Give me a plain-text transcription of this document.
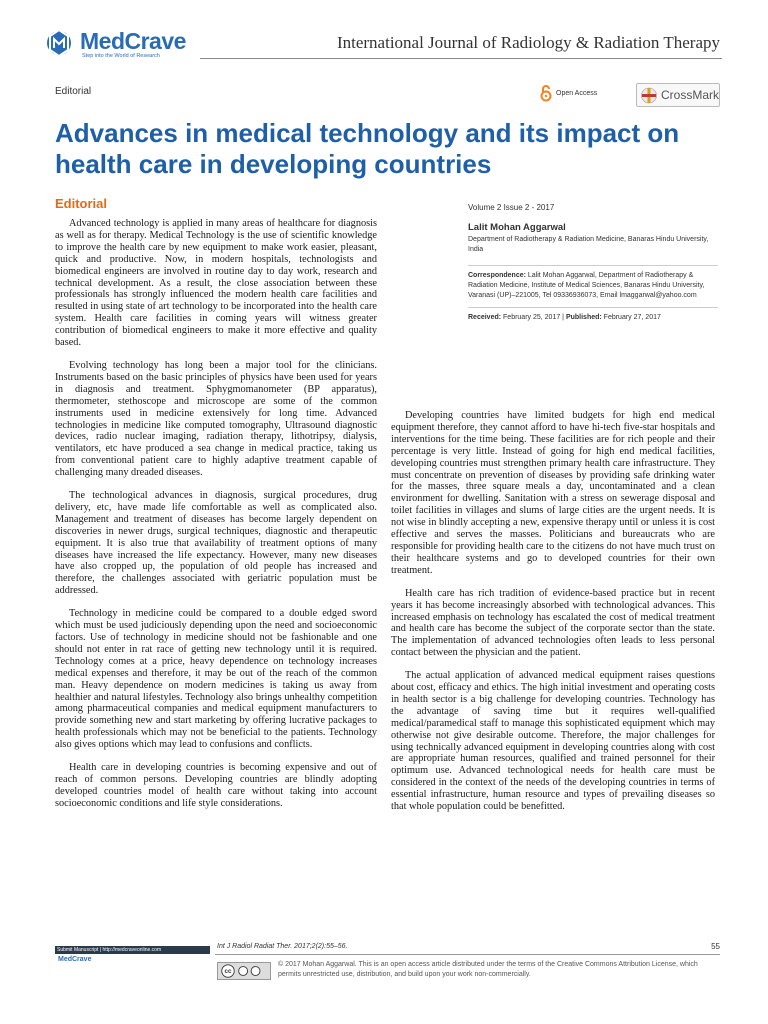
MedCrave
Step into the World of Research
International Journal of Radiology & Radiation Therapy
Editorial	Open Access	CrossMark
Advances in medical technology and its impact on health care in developing countries
Editorial

Advanced technology is applied in many areas of healthcare for diagnosis as well as for therapy. Medical Technology is the use of scientific knowledge to improve the health care by new equipment to make work easier, pleasant, quick and productive. Now, in modern hospitals, technologists and biomedical engineers are involved in routine day to day work, research and technical development. As a result, the close association between these professionals has strongly influenced the modern health care facilities and resulted in using state of art technology to be incorporated into the health care system. Health care facilities in coming years will witness greater contribution of biomedical engineers to make it more effective and quality based.

Evolving technology has long been a major tool for the clinicians. Instruments based on the basic principles of physics have been used for years in diagnosis and treatment. Sphygmomanometer (BP apparatus), thermometer, stethoscope and microscope are some of the common instruments used in medicine extensively for long time. Advanced technologies in medicine like computed tomography, Ultrasound diagnostic devices, radio nuclear imaging, radiation therapy, lithotripsy, dialysis, ventilators, etc have produced a sea change in medical practice, taking us from conventional patient care to highly adaptive treatment capable of challenging many dreaded diseases.

The technological advances in diagnosis, surgical procedures, drug delivery, etc, have made life comfortable as well as complicated also. Management and treatment of diseases has become largely dependent on discoveries in newer drugs, surgical techniques, diagnostic and therapeutic equipment. It is also true that availability of treatment options of many diseases have increased the life expectancy. However, many new diseases have also cropped up, the population of old people has increased and therefore, the challenges associated with geriatric population must be addressed.

Technology in medicine could be compared to a double edged sword which must be used judiciously depending upon the need and socioeconomic factors. Use of technology in medicine should not be fashionable and one should not enter in rat race of getting new technology until it is required. Technology comes at a price, heavy dependence on technology increases medical expenses and therefore, it may be out of the reach of the common man. Heavy dependence on modern medicines is taking us away from healthier and natural lifestyles. Technology also brings unhealthy competition among pharmaceutical companies and medical equipment manufacturers to provide something new and start marketing by offering lucrative packages to health professionals which may not be beneficial to the patients. Technology also gives options which may lead to confusions and conflicts.

Health care in developing countries is becoming expensive and out of reach of common persons. Developing countries are blindly adopting developed countries model of health care without taking into account socioeconomic conditions and life style considerations.

Volume 2 Issue 2 - 2017
Lalit Mohan Aggarwal
Department of Radiotherapy & Radiation Medicine, Banaras Hindu University, India
Correspondence: Lalit Mohan Aggarwal, Department of Radiotherapy & Radiation Medicine, Institute of Medical Sciences, Banaras Hindu University, Varanasi (UP)–221005, Tel 09336936073, Email lmaggarwal@yahoo.com
Received: February 25, 2017 | Published: February 27, 2017

Developing countries have limited budgets for high end medical equipment therefore, they cannot afford to have hi-tech five-star hospitals and interventions for the time being. These facilities are for rich people and their percentage is very little. Instead of going for high end medical facilities, developing countries must strengthen primary health care infrastructure. They must concentrate on prevention of diseases by providing safe drinking water for the masses, three square meals a day, uncontaminated and a clean environment for dwelling. Sanitation with a stress on sewerage disposal and toilet facilities in villages and slums of large cities are the urgent needs. It is not wise in blindly accepting a new, expensive therapy until or unless it is cost effective and serves the masses. Politicians and bureaucrats who are responsible for providing health care to the citizens do not have much trust on their healthcare systems and go to developed countries for their own treatment.

Health care has rich tradition of evidence-based practice but in recent years it has become increasingly absorbed with technological advances. This increased emphasis on technology has escalated the cost of medical treatment and health care has become the subject of the corporate sector than the state. The implementation of advanced technologies often leads to less personal contact between the physician and the patient.

The actual application of advanced medical equipment raises questions about cost, efficacy and ethics. The high initial investment and operating costs in health sector is a big challenge for developing countries. Technology has the advantage of saving time but it requires well-qualified medical/paramedical staff to manage this sophisticated equipment which may otherwise not give desirable outcome. Therefore, the major challenges for using technically advanced equipment in developing countries along with cost are appropriate human resources, qualified and trained personnel for their optimum use. Advanced technological needs for health care must be considered in the context of the needs of the developing countries in terms of essential infrastructure, human resource and types of prevailing diseases so that whole population could be benefitted.

Submit Manuscript | http://medcraveonline.com
MedCrave
Int J Radiol Radiat Ther. 2017;2(2):55‒56.	55
cc
© 2017 Mohan Aggarwal. This is an open access article distributed under the terms of the Creative Commons Attribution License, which permits unrestricted use, distribution, and build upon your work non-commercially.
